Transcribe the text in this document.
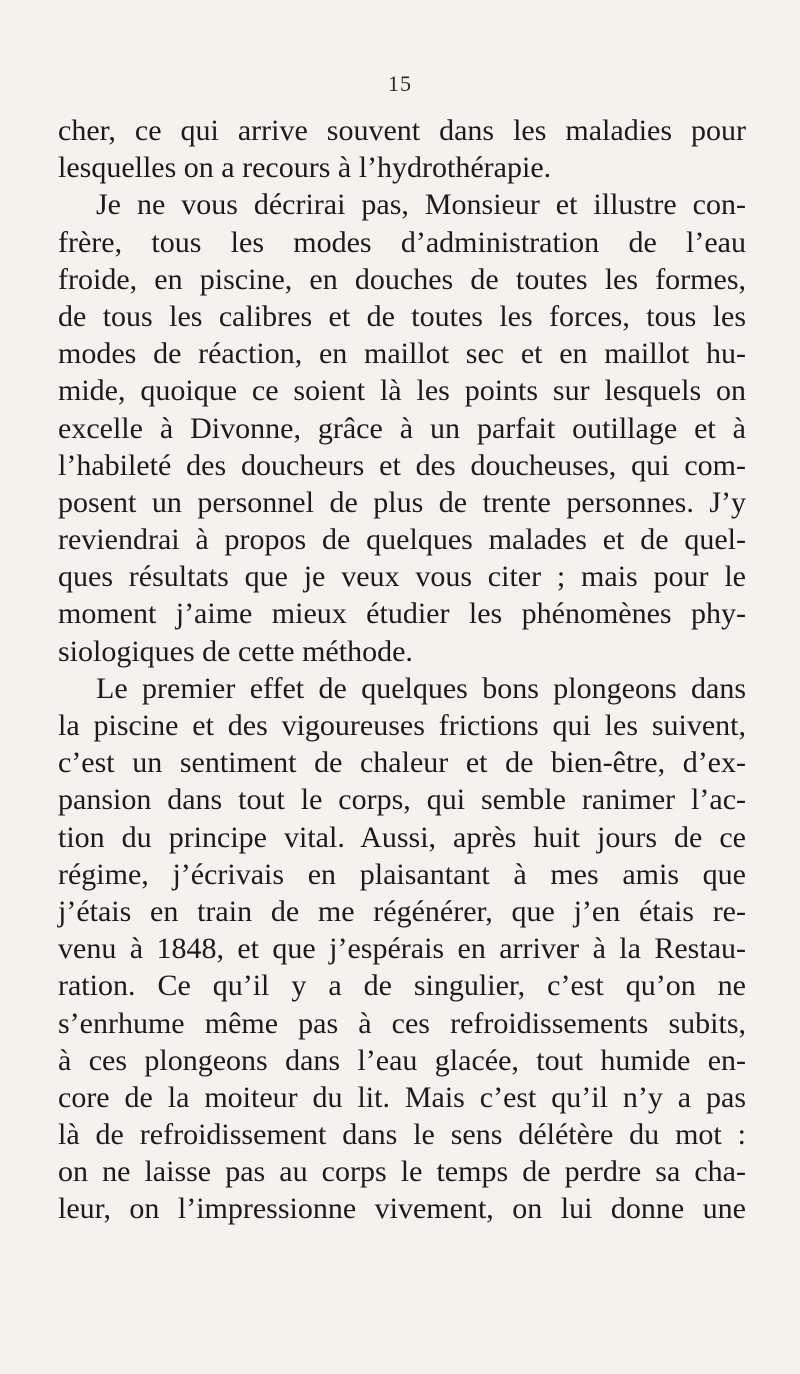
15
cher, ce qui arrive souvent dans les maladies pour
lesquelles on a recours à l’hydrothérapie.
Je ne vous décrirai pas, Monsieur et illustre con-
frère, tous les modes d’administration de l’eau
froide, en piscine, en douches de toutes les formes,
de tous les calibres et de toutes les forces, tous les
modes de réaction, en maillot sec et en maillot hu-
mide, quoique ce soient là les points sur lesquels on
excelle à Divonne, grâce à un parfait outillage et à
l’habileté des doucheurs et des doucheuses, qui com-
posent un personnel de plus de trente personnes. J’y
reviendrai à propos de quelques malades et de quel-
ques résultats que je veux vous citer ; mais pour le
moment j’aime mieux étudier les phénomènes phy-
siologiques de cette méthode.
Le premier effet de quelques bons plongeons dans
la piscine et des vigoureuses frictions qui les suivent,
c’est un sentiment de chaleur et de bien-être, d’ex-
pansion dans tout le corps, qui semble ranimer l’ac-
tion du principe vital. Aussi, après huit jours de ce
régime, j’écrivais en plaisantant à mes amis que
j’étais en train de me régénérer, que j’en étais re-
venu à 1848, et que j’espérais en arriver à la Restau-
ration. Ce qu’il y a de singulier, c’est qu’on ne
s’enrhume même pas à ces refroidissements subits,
à ces plongeons dans l’eau glacée, tout humide en-
core de la moiteur du lit. Mais c’est qu’il n’y a pas
là de refroidissement dans le sens délétère du mot :
on ne laisse pas au corps le temps de perdre sa cha-
leur, on l’impressionne vivement, on lui donne une
